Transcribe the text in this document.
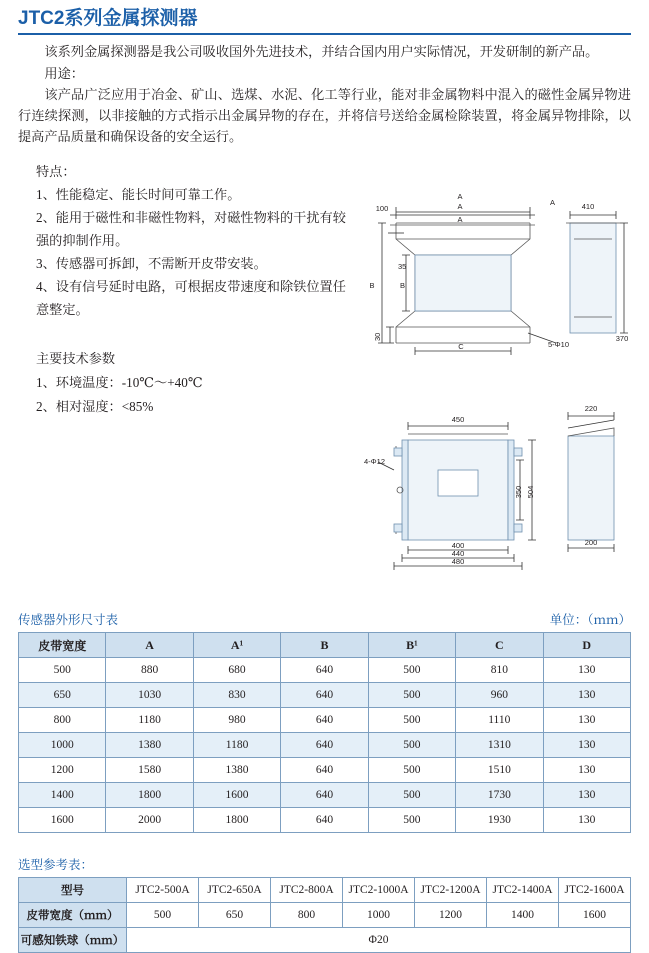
JTC2系列金属探测器

该系列金属探测器是我公司吸收国外先进技术，并结合国内用户实际情况，开发研制的新产品。

用途：

该产品广泛应用于冶金、矿山、选煤、水泥、化工等行业，能对非金属物料中混入的磁性金属异物进行连续探测，以非接触的方式指示出金属异物的存在，并将信号送给金属检除装置，将金属异物排除，以提高产品质量和确保设备的安全运行。

特点：
1、性能稳定、能长时间可靠工作。
2、能用于磁性和非磁性物料，对磁性物料的干扰有较强的抑制作用。
3、传感器可拆卸，不需断开皮带安装。
4、设有信号延时电路，可根据皮带速度和除铁位置任意整定。
主要技术参数
1、环境温度：-10℃～+40℃
2、相对湿度：<85%
A
A
A
410
B
35
B
30
C	5-Φ10
370
100
A
450
220
4-Φ12
350 504
400
440
480
200
传感器外形尺寸表	单位：（ｍｍ）
皮带宽度	A	A¹	B	B¹	C	D
500	880	680	640	500	810	130
650	1030	830	640	500	960	130
800	1180	980	640	500	1110	130
1000	1380	1180	640	500	1310	130
1200	1580	1380	640	500	1510	130
1400	1800	1600	640	500	1730	130
1600	2000	1800	640	500	1930	130
选型参考表：
型号	JTC2-500A	JTC2-650A	JTC2-800A	JTC2-1000A	JTC2-1200A	JTC2-1400A	JTC2-1600A
皮带宽度（ｍｍ）	500	650	800	1000	1200	1400	1600
可感知铁球（ｍｍ）	Φ20						
